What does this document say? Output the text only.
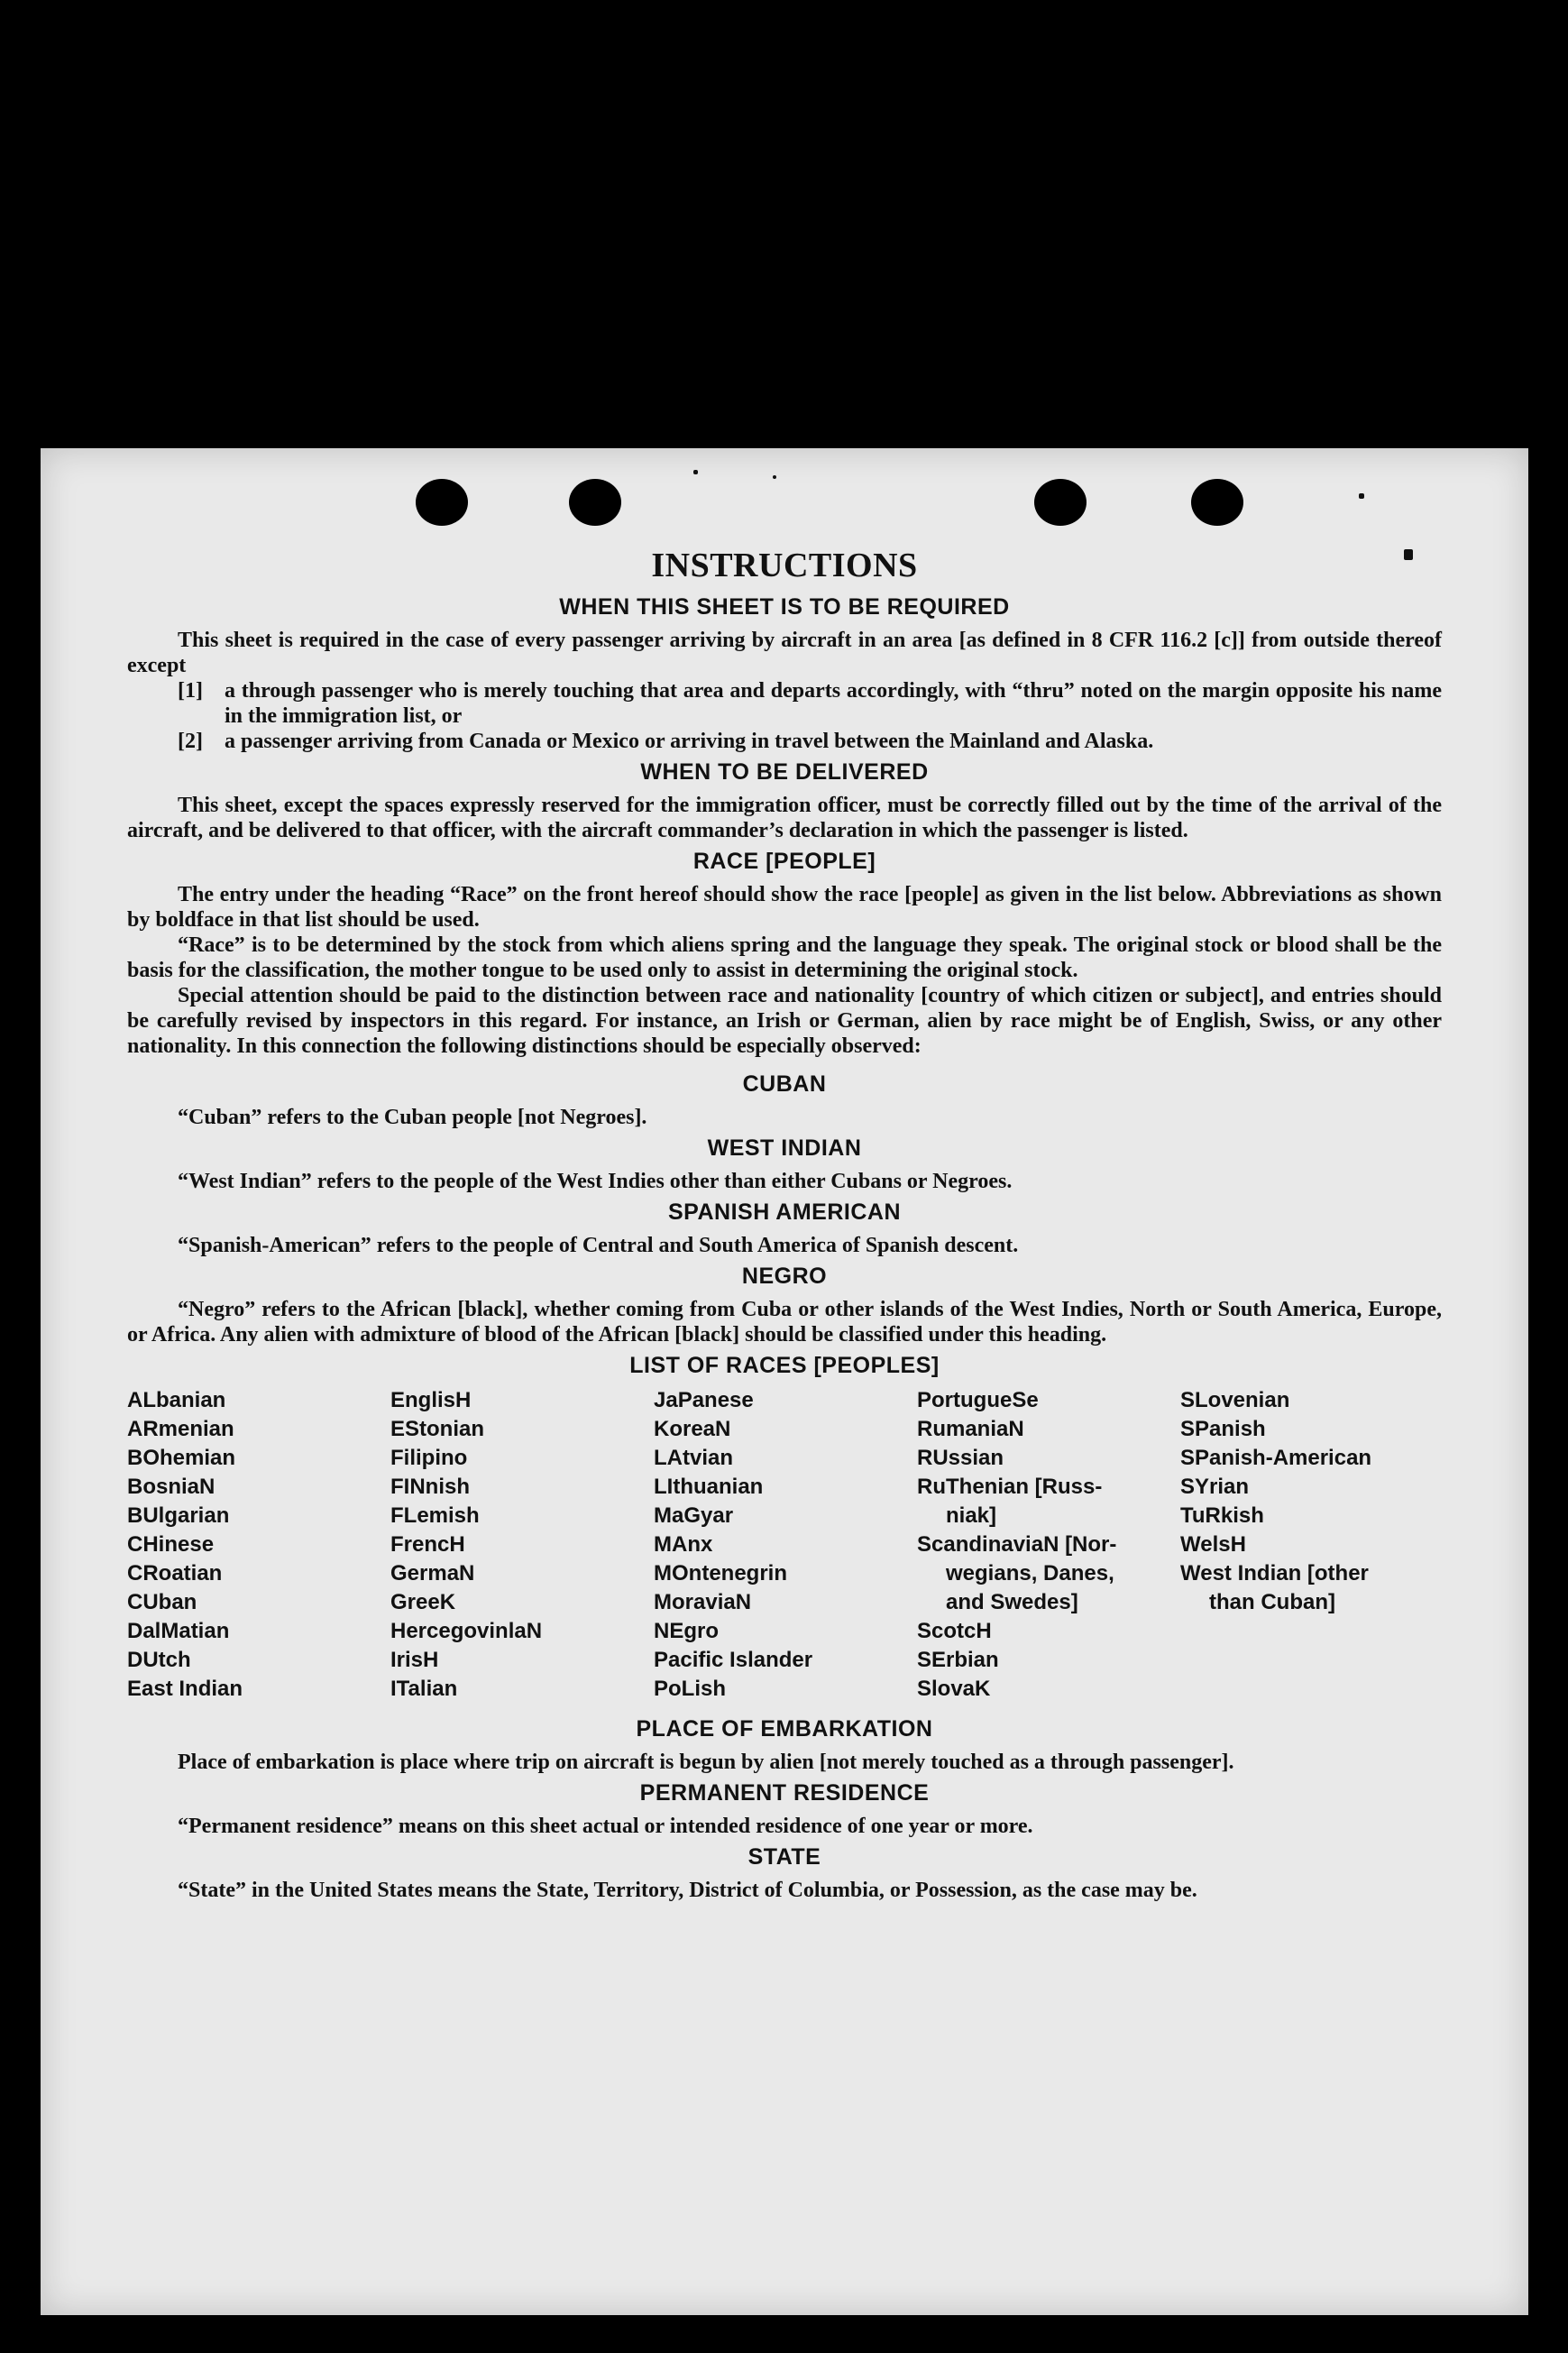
INSTRUCTIONS
WHEN THIS SHEET IS TO BE REQUIRED

This sheet is required in the case of every passenger arriving by aircraft in an area [as defined in 8 CFR 116.2 [c]] from outside thereof except

[1]	a through passenger who is merely touching that area and departs accordingly, with “thru” noted on the margin opposite his name in the immigration list, or
[2]	a passenger arriving from Canada or Mexico or arriving in travel between the Mainland and Alaska.
WHEN TO BE DELIVERED

This sheet, except the spaces expressly reserved for the immigration officer, must be correctly filled out by the time of the arrival of the aircraft, and be delivered to that officer, with the aircraft commander’s declaration in which the passenger is listed.

RACE [PEOPLE]

The entry under the heading “Race” on the front hereof should show the race [people] as given in the list below. Abbreviations as shown by boldface in that list should be used.

“Race” is to be determined by the stock from which aliens spring and the language they speak. The original stock or blood shall be the basis for the classification, the mother tongue to be used only to assist in determining the original stock.

Special attention should be paid to the distinction between race and nationality [country of which citizen or subject], and entries should be carefully revised by inspectors in this regard. For instance, an Irish or German, alien by race might be of English, Swiss, or any other nationality. In this connection the following distinctions should be especially observed:

CUBAN

“Cuban” refers to the Cuban people [not Negroes].

WEST INDIAN

“West Indian” refers to the people of the West Indies other than either Cubans or Negroes.

SPANISH AMERICAN

“Spanish-American” refers to the people of Central and South America of Spanish descent.

NEGRO

“Negro” refers to the African [black], whether coming from Cuba or other islands of the West Indies, North or South America, Europe, or Africa. Any alien with admixture of blood of the African [black] should be classified under this heading.

LIST OF RACES [PEOPLES]
ALbanian
ARmenian
BOhemian
BosniaN
BUlgarian
CHinese
CRoatian
CUban
DalMatian
DUtch
East Indian
EnglisH
EStonian
Filipino
FINnish
FLemish
FrencH
GermaN
GreeK
HercegovinlaN
IrisH
ITalian
JaPanese
KoreaN
LAtvian
LIthuanian
MaGyar
MAnx
MOntenegrin
MoraviaN
NEgro
Pacific Islander
PoLish
PortugueSe
RumaniaN
RUssian
RuThenian [Russ-
niak]
ScandinaviaN [Nor-
wegians, Danes,
and Swedes]
ScotcH
SErbian
SlovaK
SLovenian
SPanish
SPanish-American
SYrian
TuRkish
WelsH
West Indian [other
than Cuban]
PLACE OF EMBARKATION

Place of embarkation is place where trip on aircraft is begun by alien [not merely touched as a through passenger].

PERMANENT RESIDENCE

“Permanent residence” means on this sheet actual or intended residence of one year or more.

STATE

“State” in the United States means the State, Territory, District of Columbia, or Possession, as the case may be.
